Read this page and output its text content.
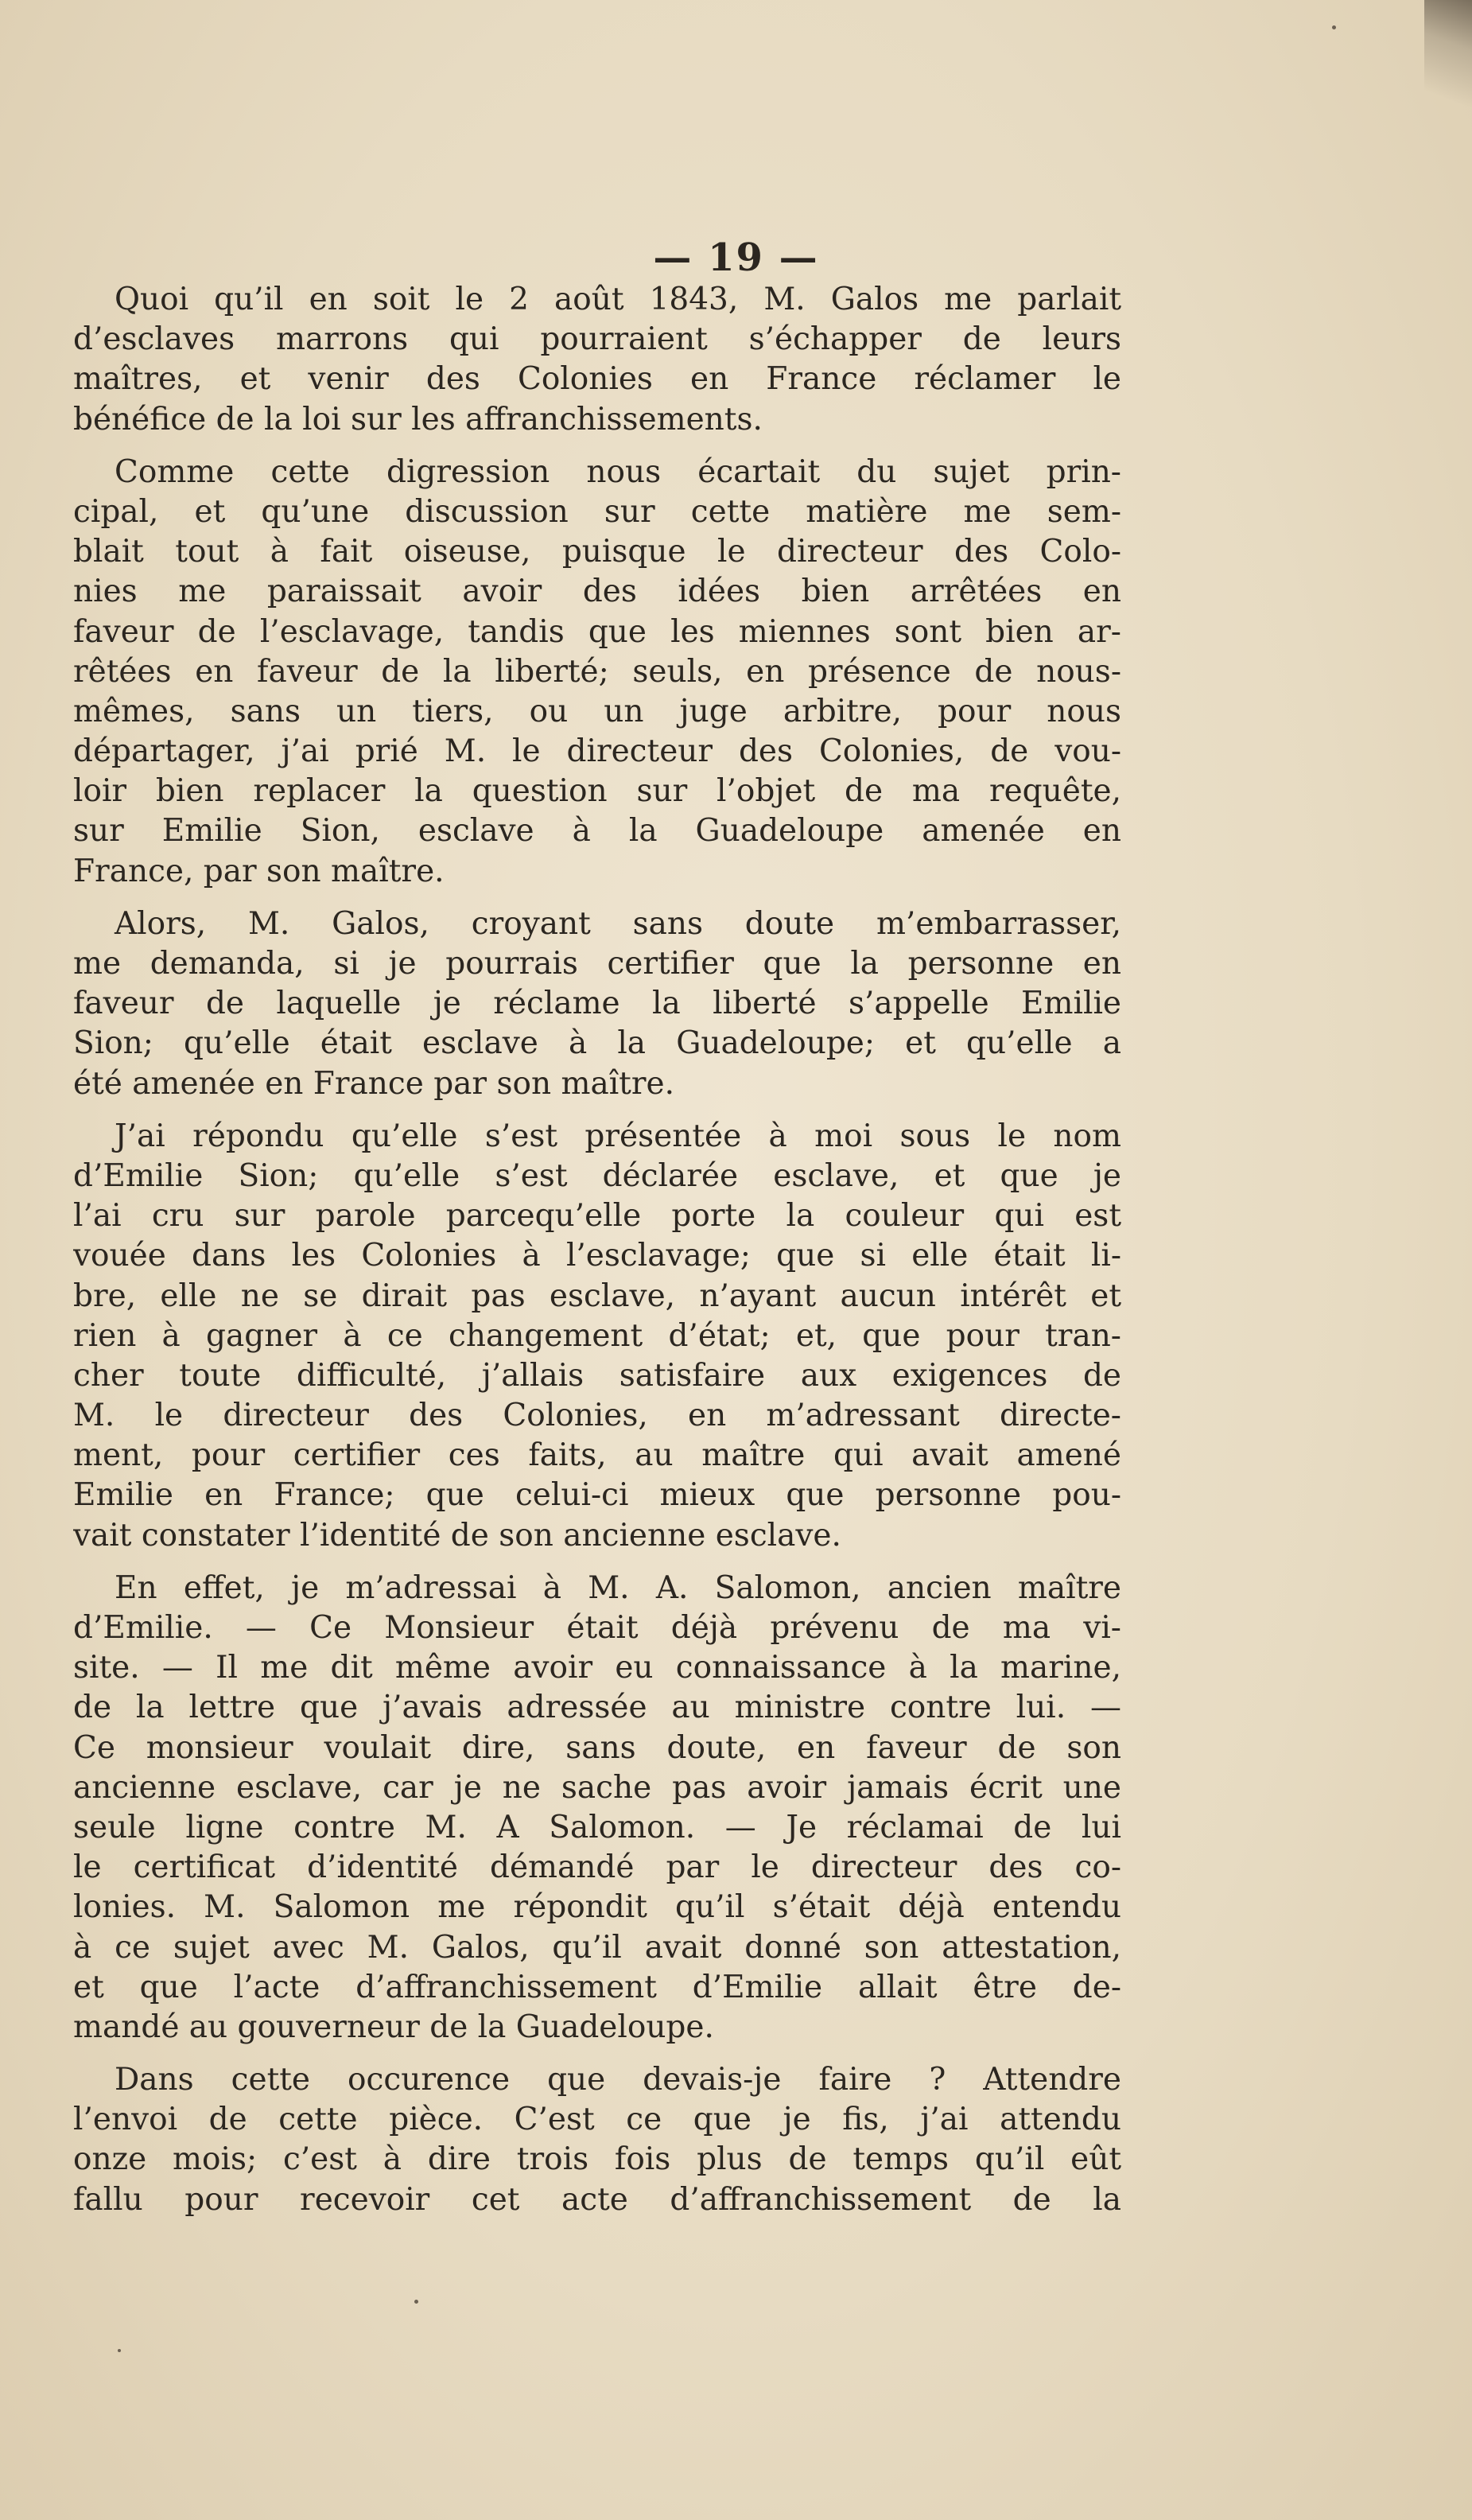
— 19 —
Quoi qu’il en soit le 2 août 1843, M. Galos me parlait
d’esclaves marrons qui pourraient s’échapper de leurs
maîtres, et venir des Colonies en France réclamer le
bénéfice de la loi sur les affranchissements.
Comme cette digression nous écartait du sujet prin-
cipal, et qu’une discussion sur cette matière me sem-
blait tout à fait oiseuse, puisque le directeur des Colo-
nies me paraissait avoir des idées bien arrêtées en
faveur de l’esclavage, tandis que les miennes sont bien ar-
rêtées en faveur de la liberté; seuls, en présence de nous-
mêmes, sans un tiers, ou un juge arbitre, pour nous
départager, j’ai prié M. le directeur des Colonies, de vou-
loir bien replacer la question sur l’objet de ma requête,
sur Emilie Sion, esclave à la Guadeloupe amenée en
France, par son maître.
Alors, M. Galos, croyant sans doute m’embarrasser,
me demanda, si je pourrais certifier que la personne en
faveur de laquelle je réclame la liberté s’appelle Emilie
Sion; qu’elle était esclave à la Guadeloupe; et qu’elle a
été amenée en France par son maître.
J’ai répondu qu’elle s’est présentée à moi sous le nom
d’Emilie Sion; qu’elle s’est déclarée esclave, et que je
l’ai cru sur parole parcequ’elle porte la couleur qui est
vouée dans les Colonies à l’esclavage; que si elle était li-
bre, elle ne se dirait pas esclave, n’ayant aucun intérêt et
rien à gagner à ce changement d’état; et, que pour tran-
cher toute difficulté, j’allais satisfaire aux exigences de
M. le directeur des Colonies, en m’adressant directe-
ment, pour certifier ces faits, au maître qui avait amené
Emilie en France; que celui-ci mieux que personne pou-
vait constater l’identité de son ancienne esclave.
En effet, je m’adressai à M. A. Salomon, ancien maître
d’Emilie. — Ce Monsieur était déjà prévenu de ma vi-
site. — Il me dit même avoir eu connaissance à la marine,
de la lettre que j’avais adressée au ministre contre lui. —
Ce monsieur voulait dire, sans doute, en faveur de son
ancienne esclave, car je ne sache pas avoir jamais écrit une
seule ligne contre M. A Salomon. — Je réclamai de lui
le certificat d’identité démandé par le directeur des co-
lonies. M. Salomon me répondit qu’il s’était déjà entendu
à ce sujet avec M. Galos, qu’il avait donné son attestation,
et que l’acte d’affranchissement d’Emilie allait être de-
mandé au gouverneur de la Guadeloupe.
Dans cette occurence que devais-je faire ? Attendre
l’envoi de cette pièce. C’est ce que je fis, j’ai attendu
onze mois; c’est à dire trois fois plus de temps qu’il eût
fallu pour recevoir cet acte d’affranchissement de la
